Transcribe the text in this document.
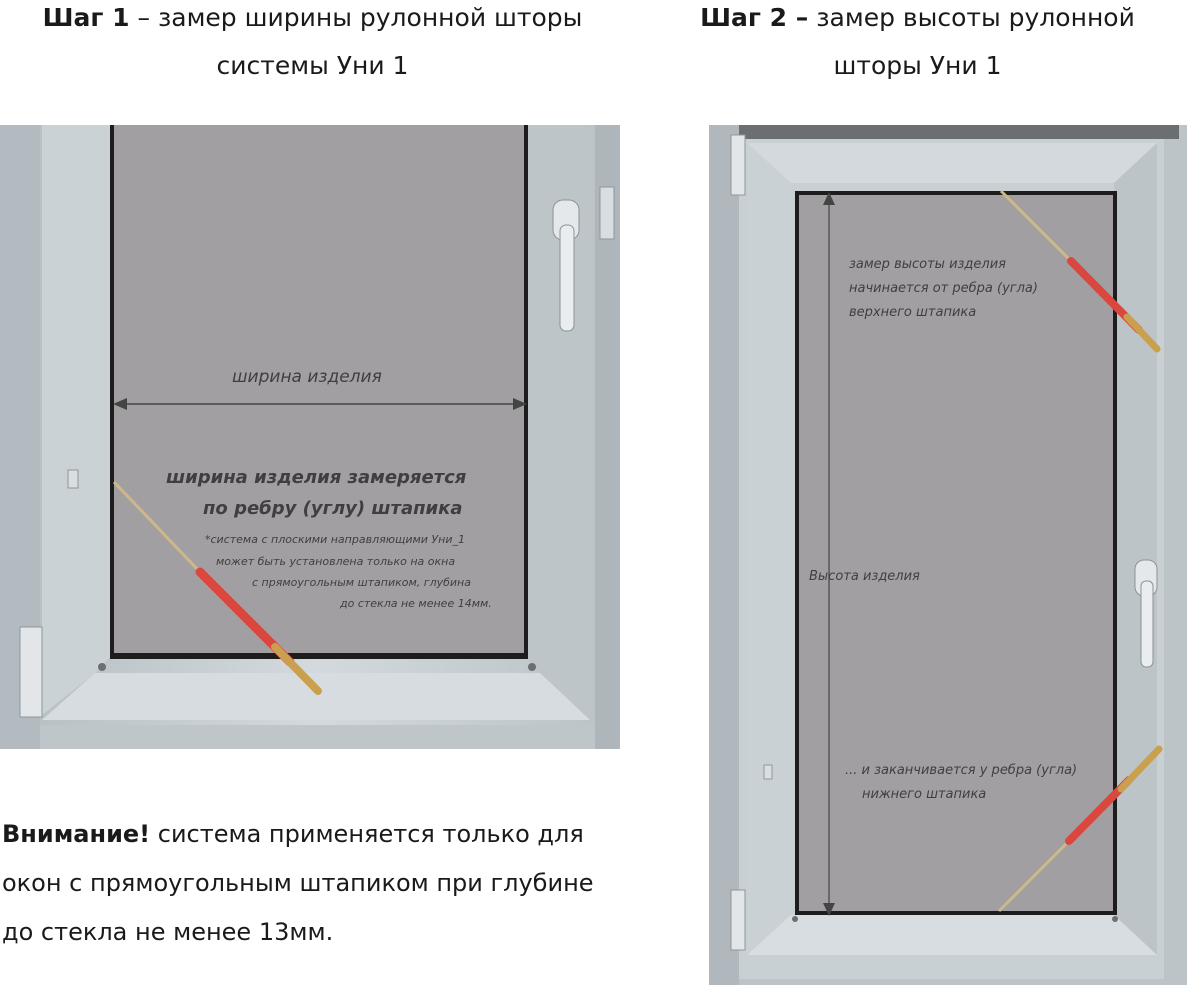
Шаг 1 – замер ширины рулонной шторы
системы Уни 1
Шаг 2 – замер высоты рулонной
шторы Уни 1
ширина изделия
ширина изделия замеряется
по ребру (углу) штапика
*система с плоскими направляющими Уни_1
может быть установлена только на окна
с прямоугольным штапиком, глубина
до стекла не менее 14мм.
замер высоты изделия
начинается от ребра (угла)
верхнего штапика
Высота изделия
... и заканчивается у ребра (угла)
нижнего штапика
Внимание! система применяется только для окон с прямоугольным штапиком при глубине до стекла не менее 13мм.
